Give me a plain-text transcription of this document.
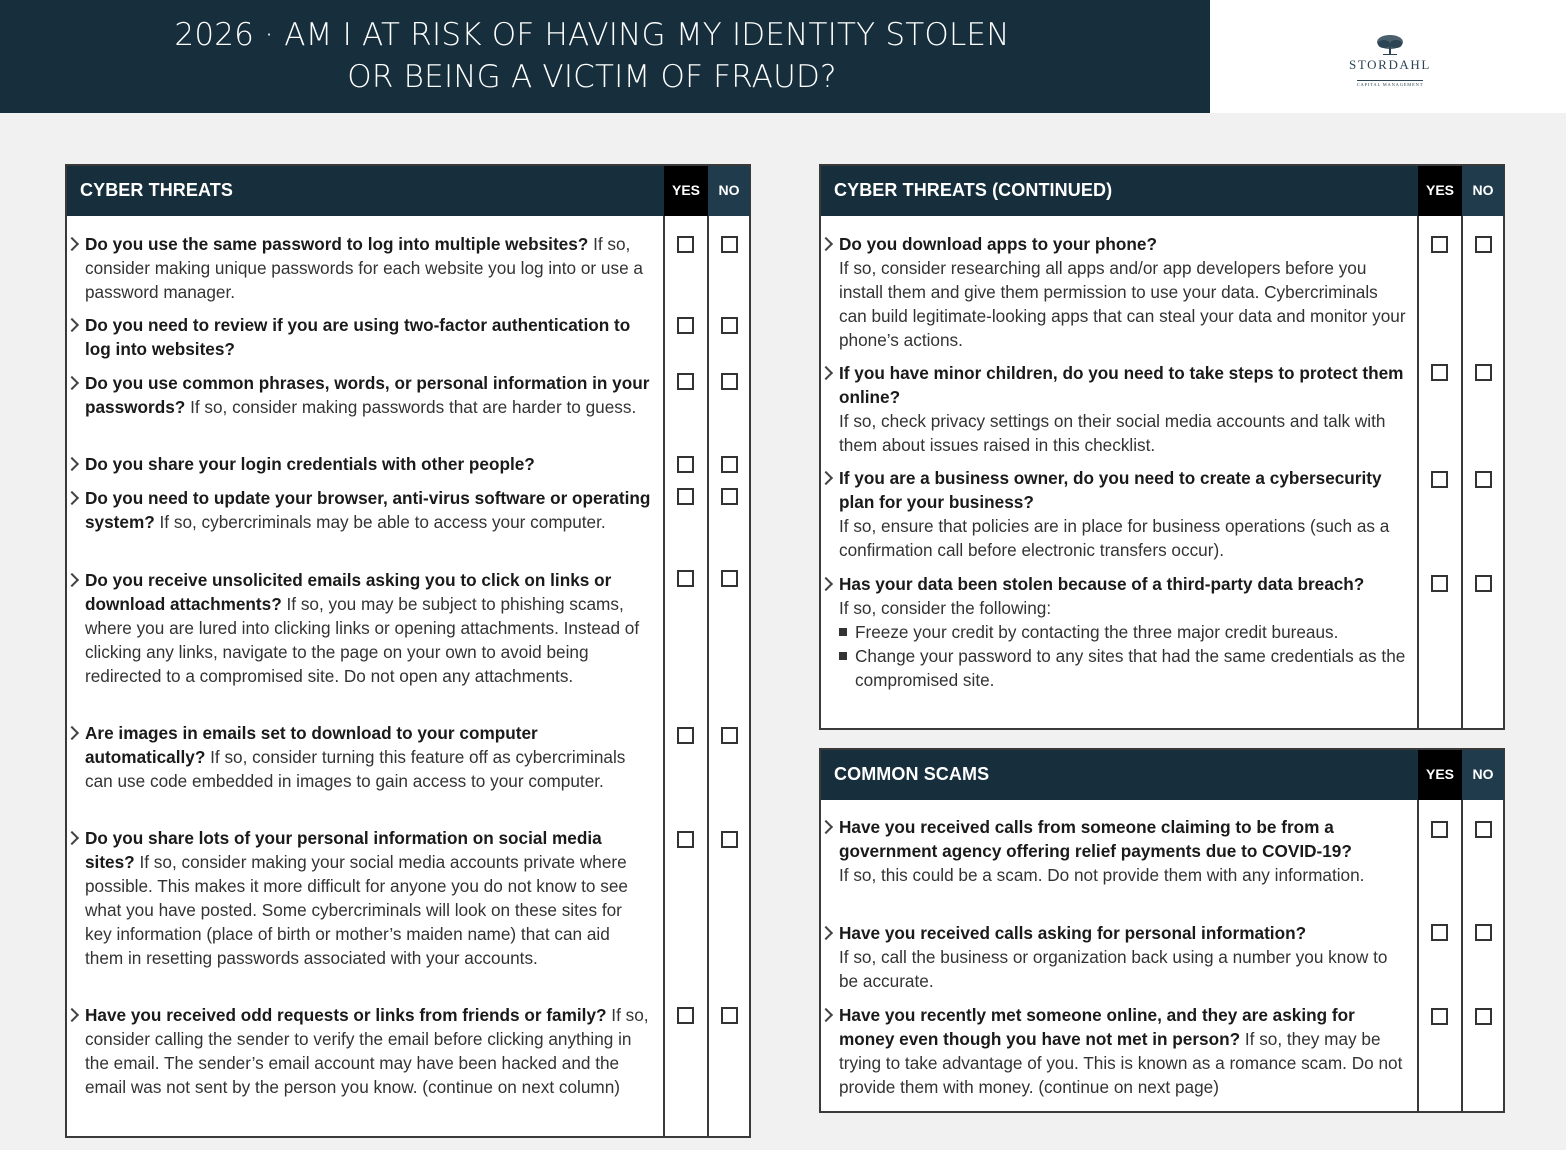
2026 · AM I AT RISK OF HAVING MY IDENTITY STOLEN
OR BEING A VICTIM OF FRAUD?	STORDAHL
CAPITAL MANAGEMENT
CYBER THREATS	YES	NO
Do you use the same password to log into multiple websites? If so, consider making unique passwords for each website you log into or use a password manager.
Do you need to review if you are using two-factor authentication to log into websites?
Do you use common phrases, words, or personal information in your passwords? If so, consider making passwords that are harder to guess.
Do you share your login credentials with other people?
Do you need to update your browser, anti-virus software or operating system? If so, cybercriminals may be able to access your computer.
Do you receive unsolicited emails asking you to click on links or download attachments? If so, you may be subject to phishing scams, where you are lured into clicking links or opening attachments. Instead of clicking any links, navigate to the page on your own to avoid being redirected to a compromised site. Do not open any attachments.
Are images in emails set to download to your computer automatically? If so, consider turning this feature off as cybercriminals can use code embedded in images to gain access to your computer.
Do you share lots of your personal information on social media sites? If so, consider making your social media accounts private where possible. This makes it more difficult for anyone you do not know to see what you have posted. Some cybercriminals will look on these sites for key information (place of birth or mother’s maiden name) that can aid them in resetting passwords associated with your accounts.
Have you received odd requests or links from friends or family? If so, consider calling the sender to verify the email before clicking anything in the email. The sender’s email account may have been hacked and the email was not sent by the person you know. (continue on next column)
CYBER THREATS (CONTINUED)	YES	NO
Do you download apps to your phone?
If so, consider researching all apps and/or app developers before you install them and give them permission to use your data. Cybercriminals can build legitimate-looking apps that can steal your data and monitor your phone’s actions.
If you have minor children, do you need to take steps to protect them online?
If so, check privacy settings on their social media accounts and talk with them about issues raised in this checklist.
If you are a business owner, do you need to create a cybersecurity plan for your business?
If so, ensure that policies are in place for business operations (such as a confirmation call before electronic transfers occur).
Has your data been stolen because of a third-party data breach?
If so, consider the following:
Freeze your credit by contacting the three major credit bureaus.
Change your password to any sites that had the same credentials as the compromised site.
COMMON SCAMS	YES	NO
Have you received calls from someone claiming to be from a government agency offering relief payments due to COVID-19?
If so, this could be a scam. Do not provide them with any information.
Have you received calls asking for personal information?
If so, call the business or organization back using a number you know to be accurate.
Have you recently met someone online, and they are asking for money even though you have not met in person? If so, they may be trying to take advantage of you. This is known as a romance scam. Do not provide them with money. (continue on next page)
